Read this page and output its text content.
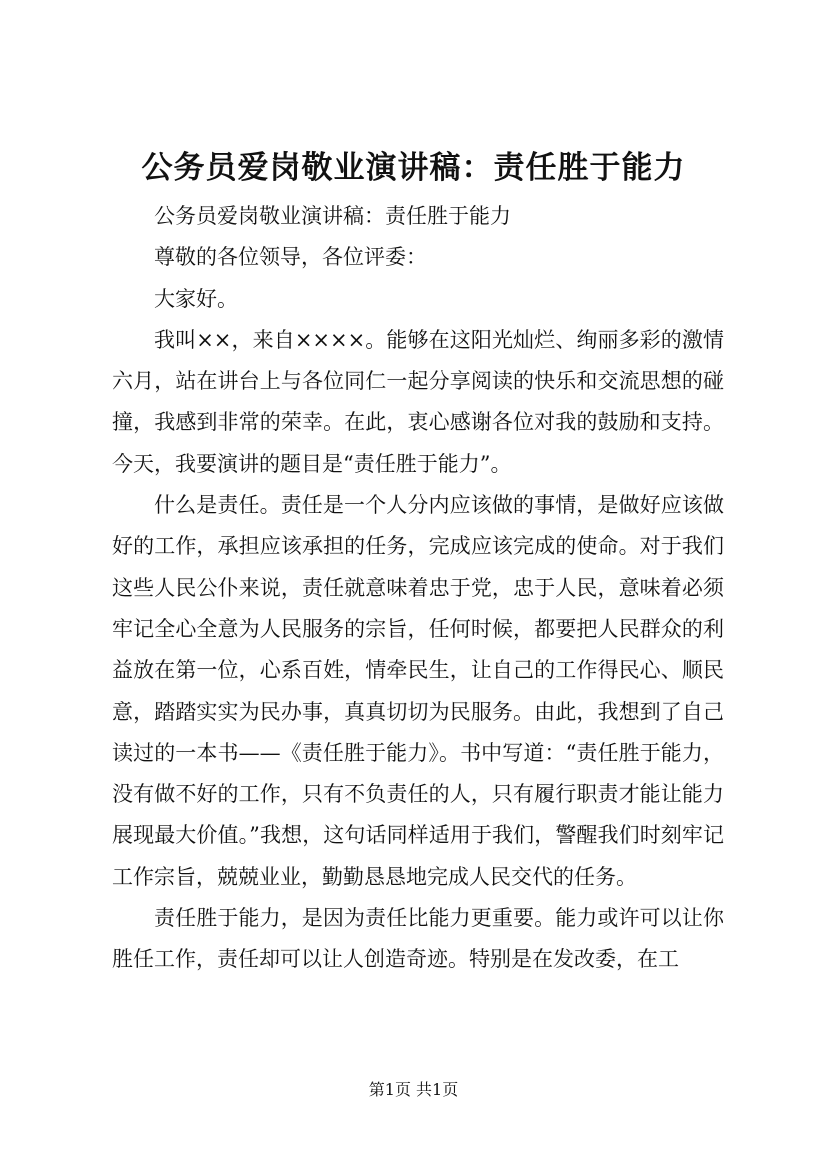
公务员爱岗敬业演讲稿：责任胜于能力

公务员爱岗敬业演讲稿：责任胜于能力

尊敬的各位领导，各位评委：

大家好。

我叫××，来自××××。能够在这阳光灿烂、绚丽多彩的激情六月，站在讲台上与各位同仁一起分享阅读的快乐和交流思想的碰撞，我感到非常的荣幸。在此，衷心感谢各位对我的鼓励和支持。今天，我要演讲的题目是“责任胜于能力”。

什么是责任。责任是一个人分内应该做的事情，是做好应该做好的工作，承担应该承担的任务，完成应该完成的使命。对于我们这些人民公仆来说，责任就意味着忠于党，忠于人民，意味着必须牢记全心全意为人民服务的宗旨，任何时候，都要把人民群众的利益放在第一位，心系百姓，情牵民生，让自己的工作得民心、顺民意，踏踏实实为民办事，真真切切为民服务。由此，我想到了自己读过的一本书——《责任胜于能力》。书中写道：“责任胜于能力，没有做不好的工作，只有不负责任的人，只有履行职责才能让能力展现最大价值。”我想，这句话同样适用于我们，警醒我们时刻牢记工作宗旨，兢兢业业，勤勤恳恳地完成人民交代的任务。

责任胜于能力，是因为责任比能力更重要。能力或许可以让你胜任工作，责任却可以让人创造奇迹。特别是在发改委，在工

第1页 共1页
